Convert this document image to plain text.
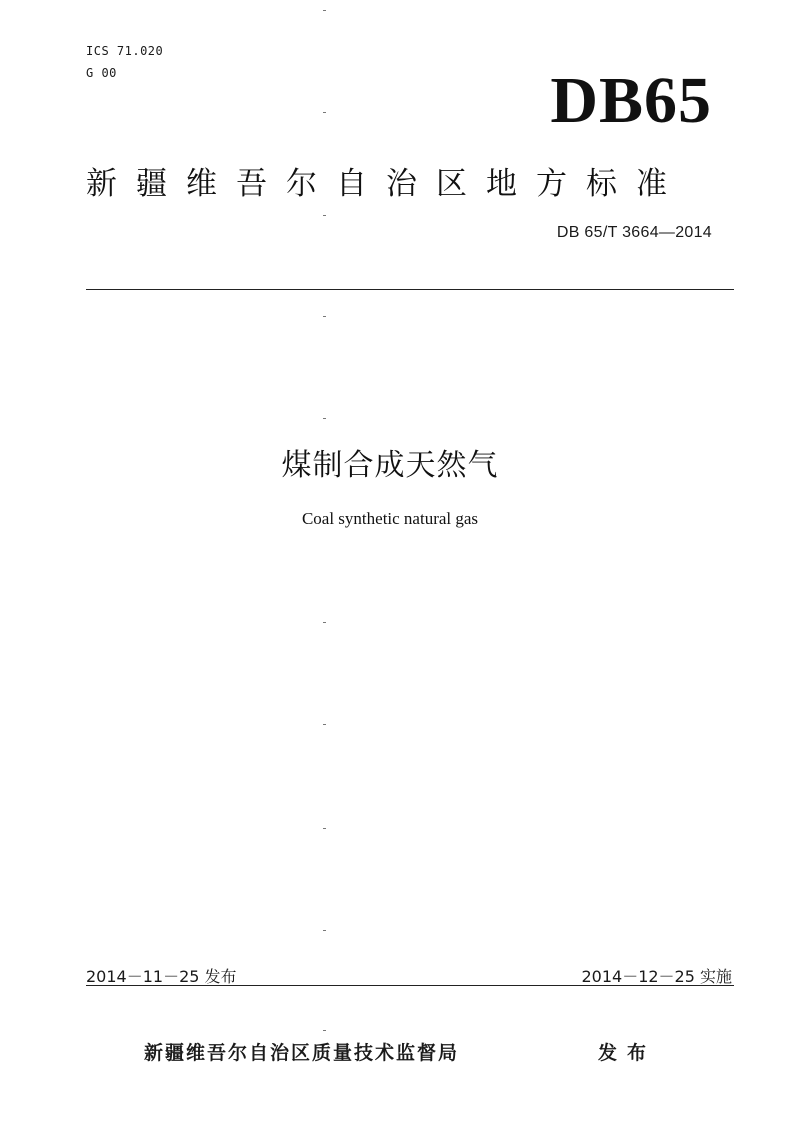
ICS 71.020
G 00	DB65
新疆维吾尔自治区地方标准
DB 65/T 3664—2014
煤制合成天然气
Coal synthetic natural gas
2014－11－25 发布	2014－12－25 实施
新疆维吾尔自治区质量技术监督局	发布
